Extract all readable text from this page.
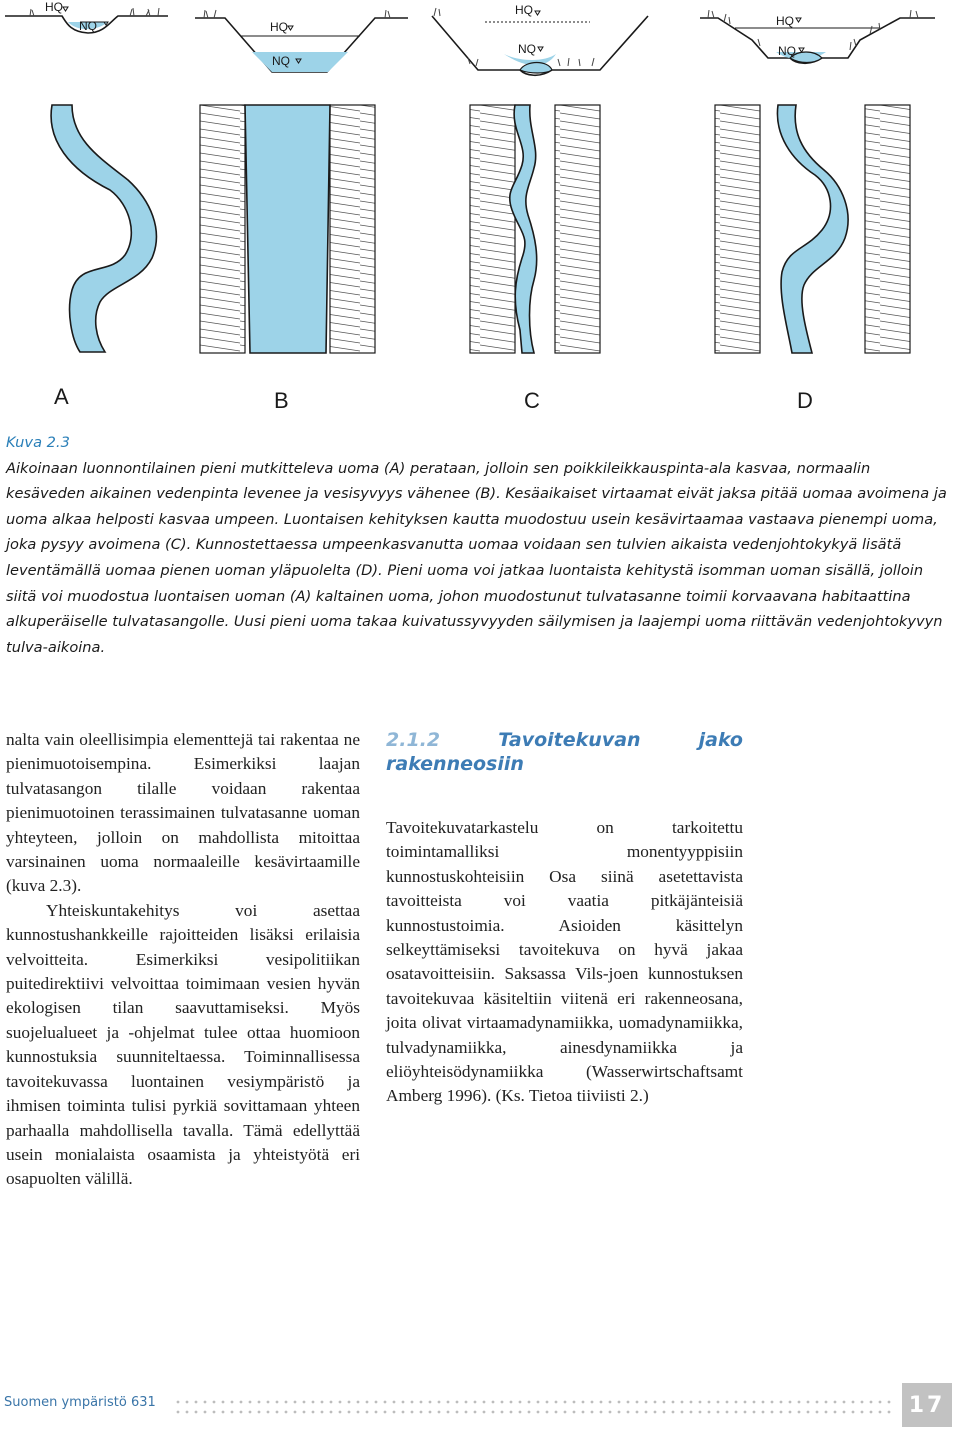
HQ
NQ	HQ
NQ
HQ
NQ
HQ
NQ
A	B	C	D
Kuva 2.3
Aikoinaan luonnontilainen pieni mutkitteleva uoma (A) perataan, jolloin sen poikkileikkauspinta-ala kasvaa, normaalin kesäveden aikainen vedenpinta levenee ja vesisyvyys vähenee (B). Kesäaikaiset virtaamat eivät jaksa pitää uomaa avoimena ja uoma alkaa helposti kasvaa umpeen. Luontaisen kehityksen kautta muodostuu usein kesävirtaamaa vastaava pienempi uoma, joka pysyy avoimena (C). Kunnostettaessa umpeenkasvanutta uomaa voidaan sen tulvien aikaista vedenjohtokykyä lisätä leventämällä uomaa pienen uoman yläpuolelta (D). Pieni uoma voi jatkaa luontaista kehitystä isomman uoman sisällä, jolloin siitä voi muodostua luontaisen uoman (A) kaltainen uoma, johon muodostunut tulvatasanne toimii korvaavana habitaattina alkuperäiselle tulvatasangolle. Uusi pieni uoma takaa kuivatussyvyyden säilymisen ja laajempi uoma riittävän vedenjohtokyvyn tulva-aikoina.

nalta vain oleellisimpia elementtejä tai rakentaa ne pienimuotoisempina. Esimerkiksi laajan tulvatasangon tilalle voidaan rakentaa pienimuotoinen terassimainen tulvatasanne uoman yhteyteen, jolloin on mahdollista mitoittaa varsinainen uoma normaaleille kesävirtaamille (kuva 2.3).

Yhteiskuntakehitys voi asettaa kunnostushankkeille rajoitteiden lisäksi erilaisia velvoitteita. Esimerkiksi vesipolitiikan puitedirektiivi velvoittaa toimimaan vesien hyvän ekologisen tilan saavuttamiseksi. Myös suojelualueet ja -ohjelmat tulee ottaa huomioon kunnostuksia suunniteltaessa. Toiminnallisessa tavoitekuvassa luontainen vesiympäristö ja ihmisen toiminta tulisi pyrkiä sovittamaan yhteen parhaalla mahdollisella tavalla. Tämä edellyttää usein monialaista osaamista ja yhteistyötä eri osapuolten välillä.

2.1.2	Tavoitekuvan jako rakenneosiin

Tavoitekuvatarkastelu on tarkoitettu toimintamalliksi monentyyppisiin kunnostuskohteisiin Osa siinä asetettavista tavoitteista voi vaatia pitkäjänteisiä kunnostustoimia. Asioiden käsittelyn selkeyttämiseksi tavoitekuva on hyvä jakaa osatavoitteisiin. Saksassa Vils-joen kunnostuksen tavoitekuvaa käsiteltiin viitenä eri rakenneosana, joita olivat virtaamadynamiikka, uomadynamiikka, tulvadynamiikka, ainesdynamiikka ja eliöyhteisödynamiikka (Wasserwirtschaftsamt Amberg 1996). (Ks. Tietoa tiiviisti 2.)

Suomen ympäristö 631	17
